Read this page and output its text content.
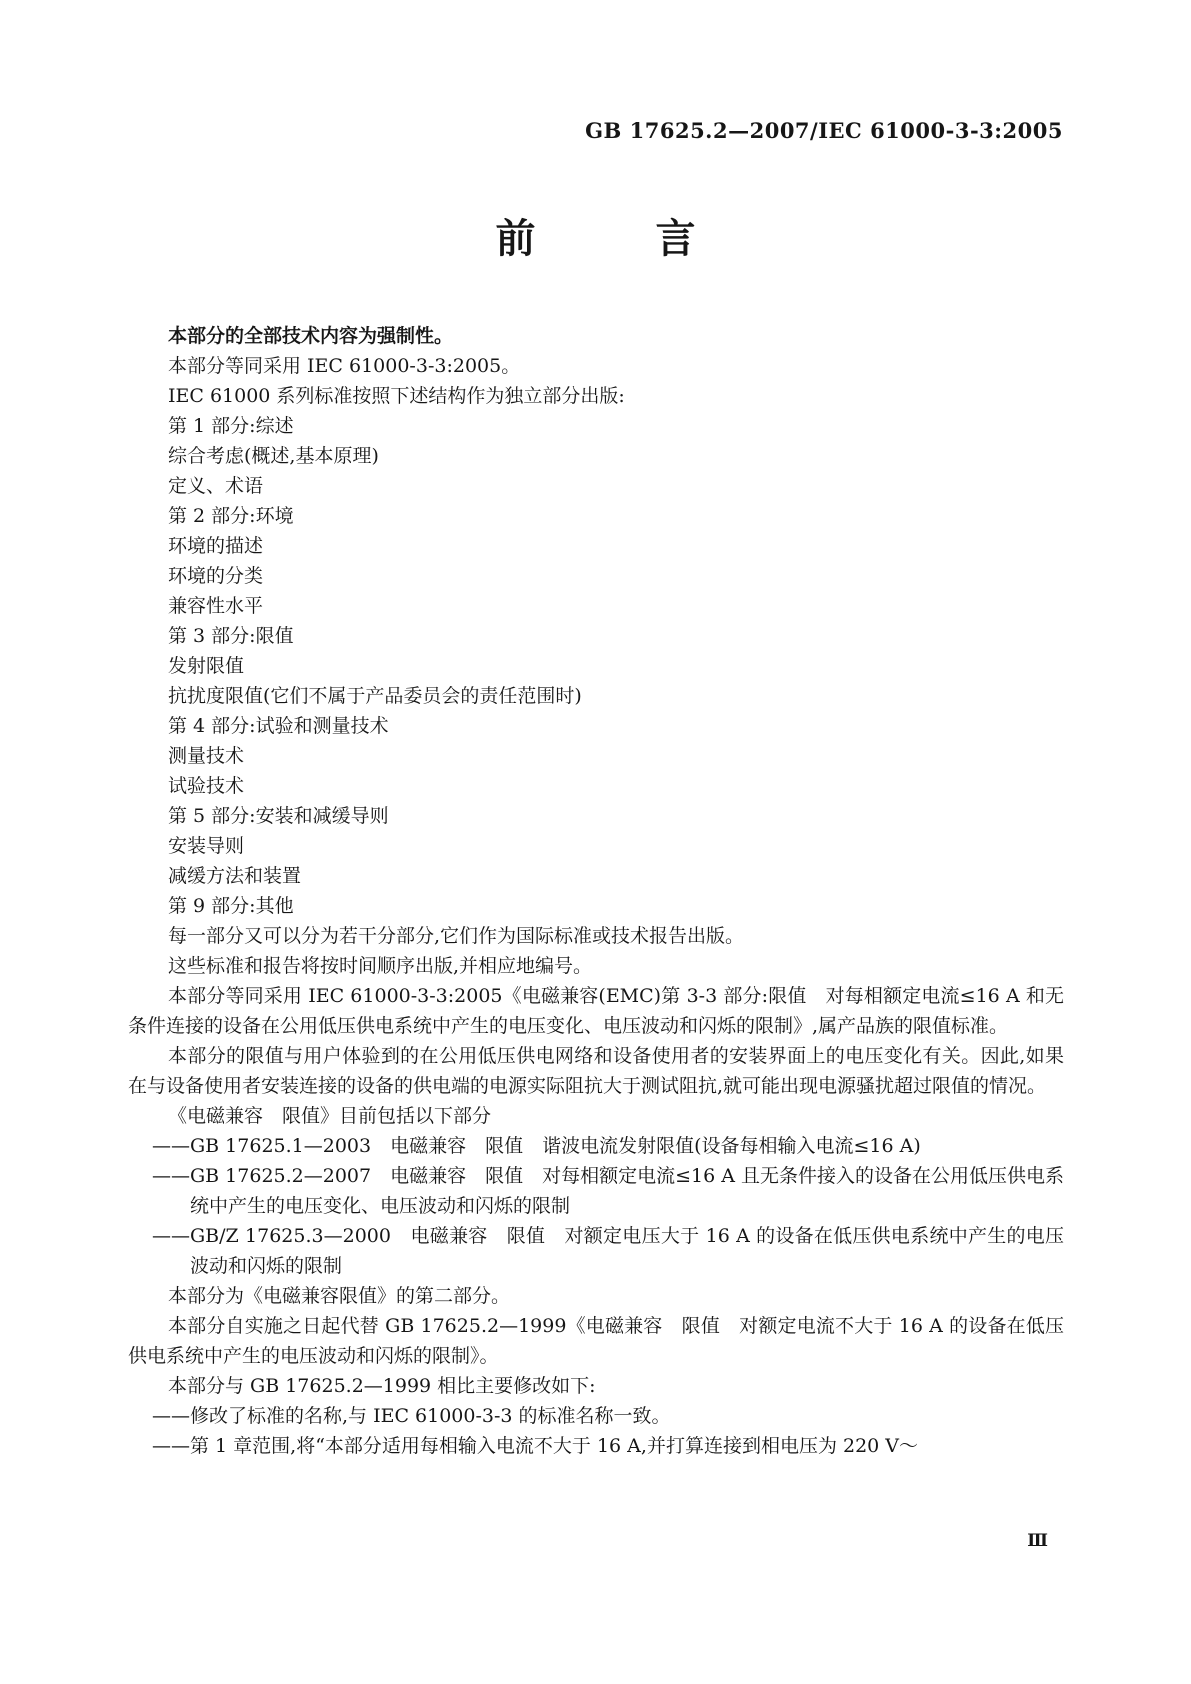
GB 17625.2—2007/IEC 61000-3-3:2005
前　　　言

本部分的全部技术内容为强制性。

本部分等同采用 IEC 61000-3-3:2005。

IEC 61000 系列标准按照下述结构作为独立部分出版:

第 1 部分:综述

综合考虑(概述,基本原理)

定义、术语

第 2 部分:环境

环境的描述

环境的分类

兼容性水平

第 3 部分:限值

发射限值

抗扰度限值(它们不属于产品委员会的责任范围时)

第 4 部分:试验和测量技术

测量技术

试验技术

第 5 部分:安装和减缓导则

安装导则

减缓方法和装置

第 9 部分:其他

每一部分又可以分为若干分部分,它们作为国际标准或技术报告出版。

这些标准和报告将按时间顺序出版,并相应地编号。

本部分等同采用 IEC 61000-3-3:2005《电磁兼容(EMC)第 3-3 部分:限值　对每相额定电流≤16 A 和无条件连接的设备在公用低压供电系统中产生的电压变化、电压波动和闪烁的限制》,属产品族的限值标准。

本部分的限值与用户体验到的在公用低压供电网络和设备使用者的安装界面上的电压变化有关。因此,如果在与设备使用者安装连接的设备的供电端的电源实际阻抗大于测试阻抗,就可能出现电源骚扰超过限值的情况。

《电磁兼容　限值》目前包括以下部分

——GB 17625.1—2003　电磁兼容　限值　谐波电流发射限值(设备每相输入电流≤16 A)

——GB 17625.2—2007　电磁兼容　限值　对每相额定电流≤16 A 且无条件接入的设备在公用低压供电系统中产生的电压变化、电压波动和闪烁的限制

——GB/Z 17625.3—2000　电磁兼容　限值　对额定电压大于 16 A 的设备在低压供电系统中产生的电压波动和闪烁的限制

本部分为《电磁兼容限值》的第二部分。

本部分自实施之日起代替 GB 17625.2—1999《电磁兼容　限值　对额定电流不大于 16 A 的设备在低压供电系统中产生的电压波动和闪烁的限制》。

本部分与 GB 17625.2—1999 相比主要修改如下:

——修改了标准的名称,与 IEC 61000-3-3 的标准名称一致。

——第 1 章范围,将“本部分适用每相输入电流不大于 16 A,并打算连接到相电压为 220 V～

Ⅲ
